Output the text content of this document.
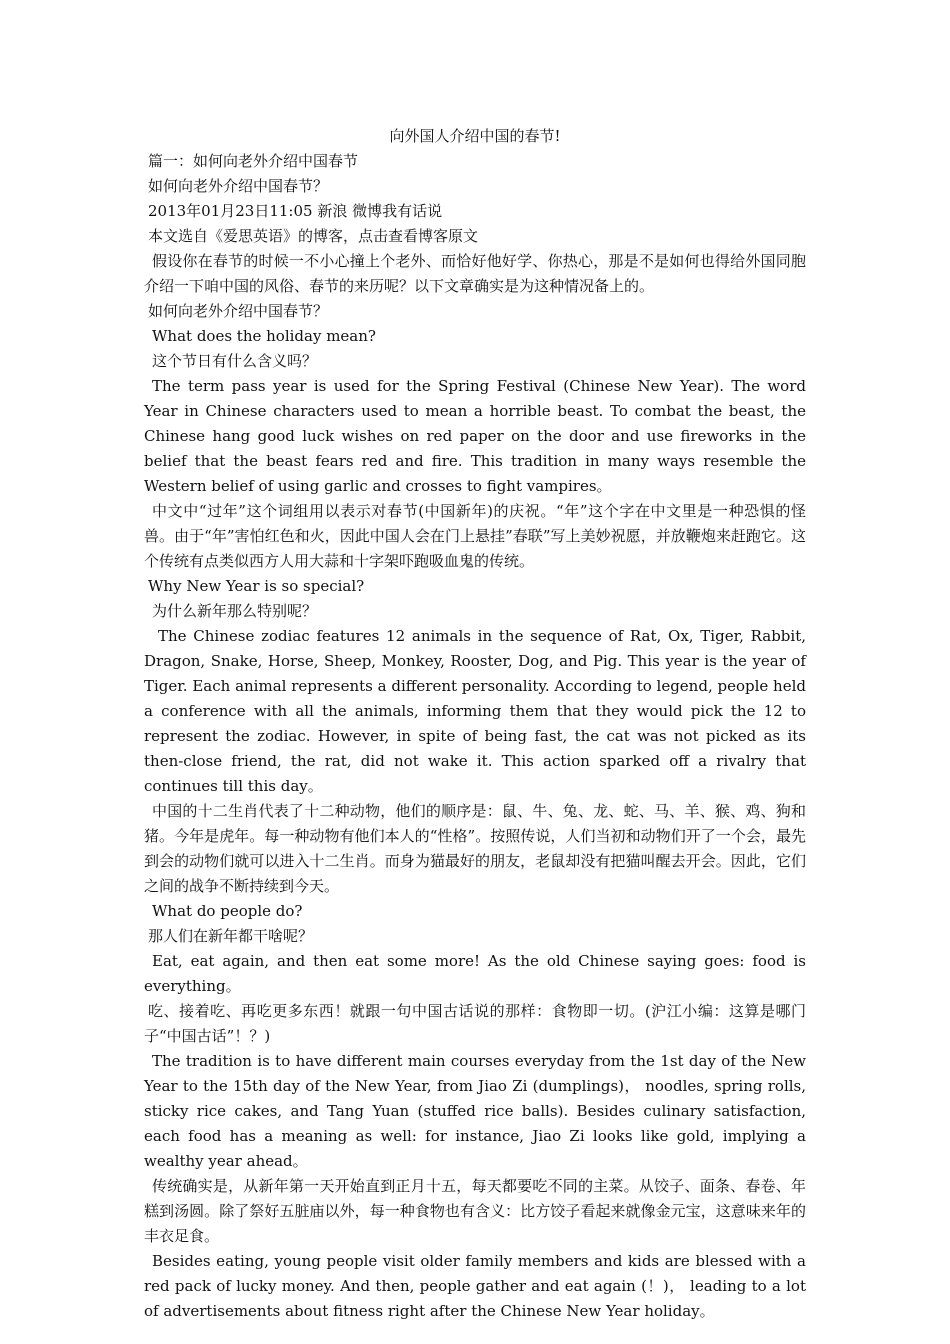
向外国人介绍中国的春节!

篇一：如何向老外介绍中国春节

如何向老外介绍中国春节？

2013年01月23日11:05 新浪 微博我有话说

本文选自《爱思英语》的博客，点击查看博客原文

假设你在春节的时候一不小心撞上个老外、而恰好他好学、你热心，那是不是如何也得给外国同胞介绍一下咱中国的风俗、春节的来历呢？以下文章确实是为这种情况备上的。

如何向老外介绍中国春节？

What does the holiday mean?

这个节日有什么含义吗？

The term pass year is used for the Spring Festival (Chinese New Year). The word Year in Chinese characters used to mean a horrible beast. To combat the beast, the Chinese hang good luck wishes on red paper on the door and use fireworks in the belief that the beast fears red and fire. This tradition in many ways resemble the Western belief of using garlic and crosses to fight vampires。

中文中“过年”这个词组用以表示对春节(中国新年)的庆祝。“年”这个字在中文里是一种恐惧的怪兽。由于“年”害怕红色和火，因此中国人会在门上悬挂”春联”写上美妙祝愿，并放鞭炮来赶跑它。这个传统有点类似西方人用大蒜和十字架吓跑吸血鬼的传统。

Why New Year is so special?

为什么新年那么特别呢？

The Chinese zodiac features 12 animals in the sequence of Rat, Ox, Tiger, Rabbit, Dragon, Snake, Horse, Sheep, Monkey, Rooster, Dog, and Pig. This year is the year of Tiger. Each animal represents a different personality. According to legend, people held a conference with all the animals, informing them that they would pick the 12 to represent the zodiac. However, in spite of being fast, the cat was not picked as its then-close friend, the rat, did not wake it. This action sparked off a rivalry that continues till this day。

中国的十二生肖代表了十二种动物，他们的顺序是：鼠、牛、兔、龙、蛇、马、羊、猴、鸡、狗和猪。今年是虎年。每一种动物有他们本人的“性格”。按照传说，人们当初和动物们开了一个会，最先到会的动物们就可以进入十二生肖。而身为猫最好的朋友，老鼠却没有把猫叫醒去开会。因此，它们之间的战争不断持续到今天。

What do people do?

那人们在新年都干啥呢？

Eat, eat again, and then eat some more! As the old Chinese saying goes: food is everything。

吃、接着吃、再吃更多东西！就跟一句中国古话说的那样：食物即一切。(沪江小编：这算是哪门子“中国古话”！？)

The tradition is to have different main courses everyday from the 1st day of the New Year to the 15th day of the New Year, from Jiao Zi (dumplings)， noodles, spring rolls, sticky rice cakes, and Tang Yuan (stuffed rice balls). Besides culinary satisfaction, each food has a meaning as well: for instance, Jiao Zi looks like gold, implying a wealthy year ahead。

传统确实是，从新年第一天开始直到正月十五，每天都要吃不同的主菜。从饺子、面条、春卷、年糕到汤圆。除了祭好五脏庙以外，每一种食物也有含义：比方饺子看起来就像金元宝，这意味来年的丰衣足食。

Besides eating, young people visit older family members and kids are blessed with a red pack of lucky money. And then, people gather and eat again (！)， leading to a lot of advertisements about fitness right after the Chinese New Year holiday。
